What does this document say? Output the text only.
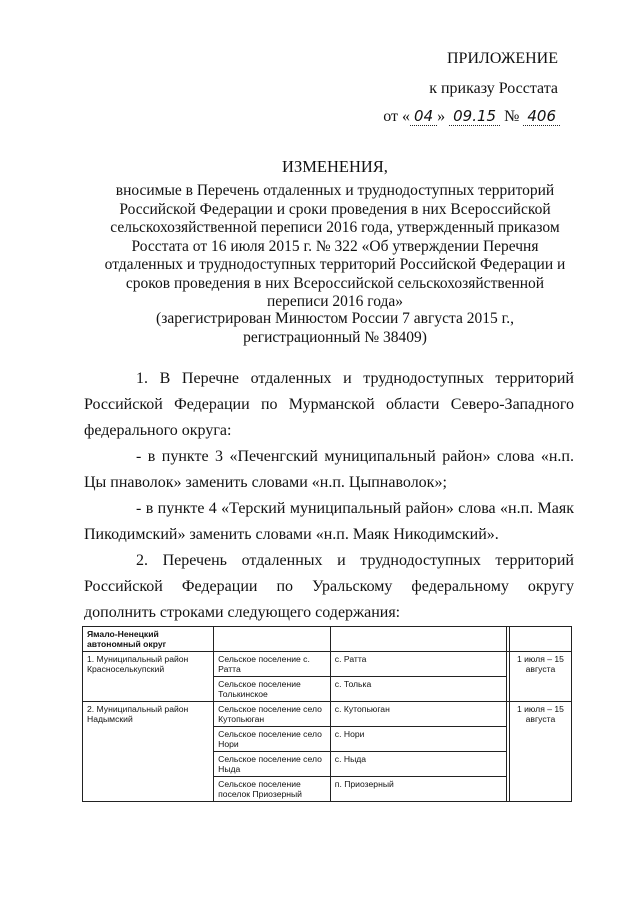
ПРИЛОЖЕНИЕ
к приказу Росстата
от « 04 » 09.15 № 406
ИЗМЕНЕНИЯ,
вносимые в Перечень отдаленных и труднодоступных территорий Российской Федерации и сроки проведения в них Всероссийской сельскохозяйственной переписи 2016 года, утвержденный приказом Росстата от 16 июля 2015 г. № 322 «Об утверждении Перечня отдаленных и труднодоступных территорий Российской Федерации и сроков проведения в них Всероссийской сельскохозяйственной переписи 2016 года»
(зарегистрирован Минюстом России 7 августа 2015 г., регистрационный № 38409)
1. В Перечне отдаленных и труднодоступных территорий Российской Федерации по Мурманской области Северо-Западного федерального округа:
- в пункте 3 «Печенгский муниципальный район» слова «н.п. Цы пнаволок» заменить словами «н.п. Цыпнаволок»;
- в пункте 4 «Терский муниципальный район» слова «н.п. Маяк Пикодимский» заменить словами «н.п. Маяк Никодимский».
2. Перечень отдаленных и труднодоступных территорий Российской Федерации по Уральскому федеральному округу дополнить строками следующего содержания:
Ямало-Ненецкий автономный округ				
1. Муниципальный район Красноселькупский	Сельское поселение с. Ратта	с. Ратта		1 июля – 15 августа
	Сельское поселение Толькинское	с. Толька		
2. Муниципальный район Надымский	Сельское поселение село Кутопьюган	с. Кутопьюган		1 июля – 15 августа
	Сельское поселение село Нори	с. Нори		
	Сельское поселение село Ныда	с. Ныда		
	Сельское поселение поселок Приозерный	п. Приозерный		
